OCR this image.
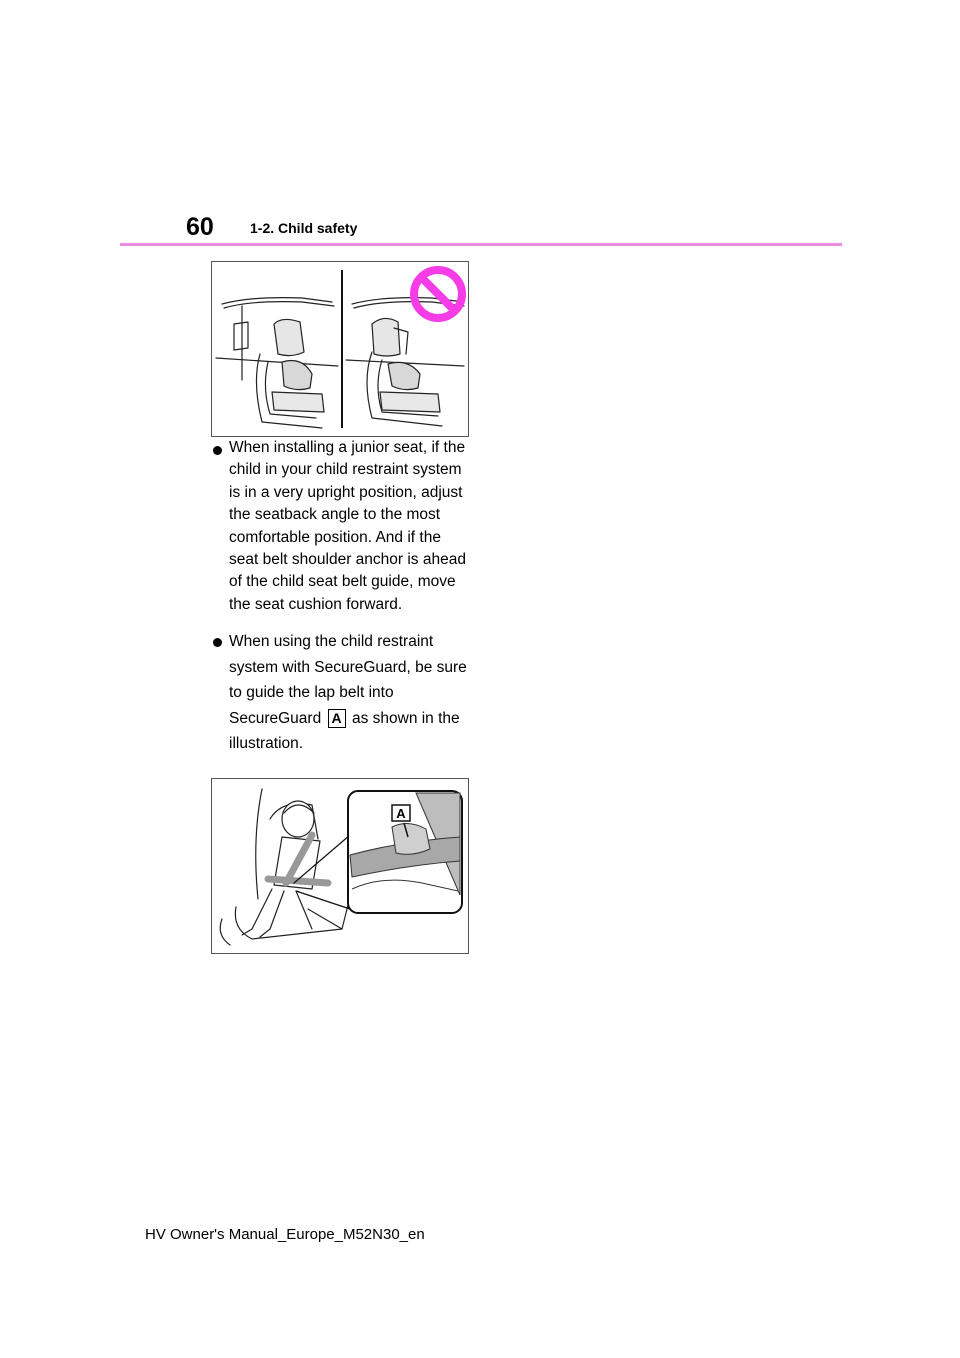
60	1-2. Child safety
When installing a junior seat, if the child in your child restraint system is in a very upright position, adjust the seatback angle to the most comfortable position. And if the seat belt shoulder anchor is ahead of the child seat belt guide, move the seat cushion forward.
When using the child restraint system with SecureGuard, be sure to guide the lap belt into SecureGuard A as shown in the illustration.
A
HV Owner's Manual_Europe_M52N30_en
